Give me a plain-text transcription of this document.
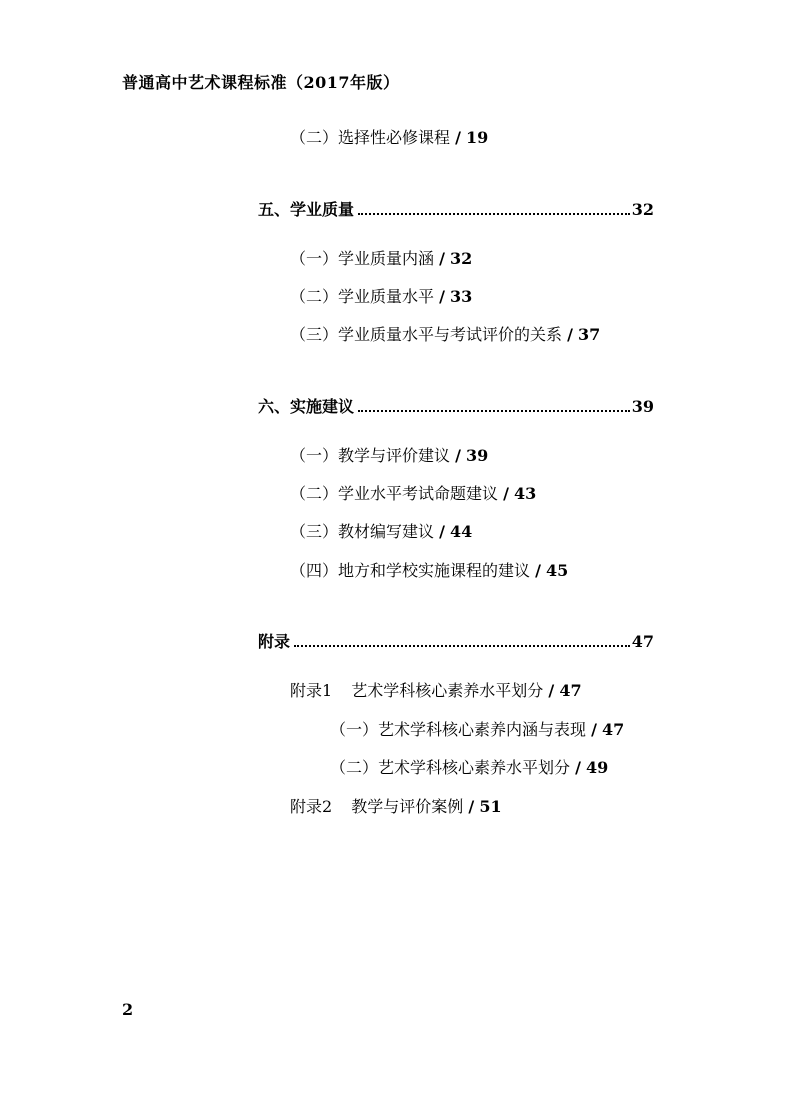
普通高中艺术课程标准（2017年版）
（二）选择性必修课程 / 19
五、学业质量	32
（一）学业质量内涵 / 32
（二）学业质量水平 / 33
（三）学业质量水平与考试评价的关系 / 37
六、实施建议	39
（一）教学与评价建议 / 39
（二）学业水平考试命题建议 / 43
（三）教材编写建议 / 44
（四）地方和学校实施课程的建议 / 45
附录	47
附录1 艺术学科核心素养水平划分 / 47
（一）艺术学科核心素养内涵与表现 / 47
（二）艺术学科核心素养水平划分 / 49
附录2 教学与评价案例 / 51
2
